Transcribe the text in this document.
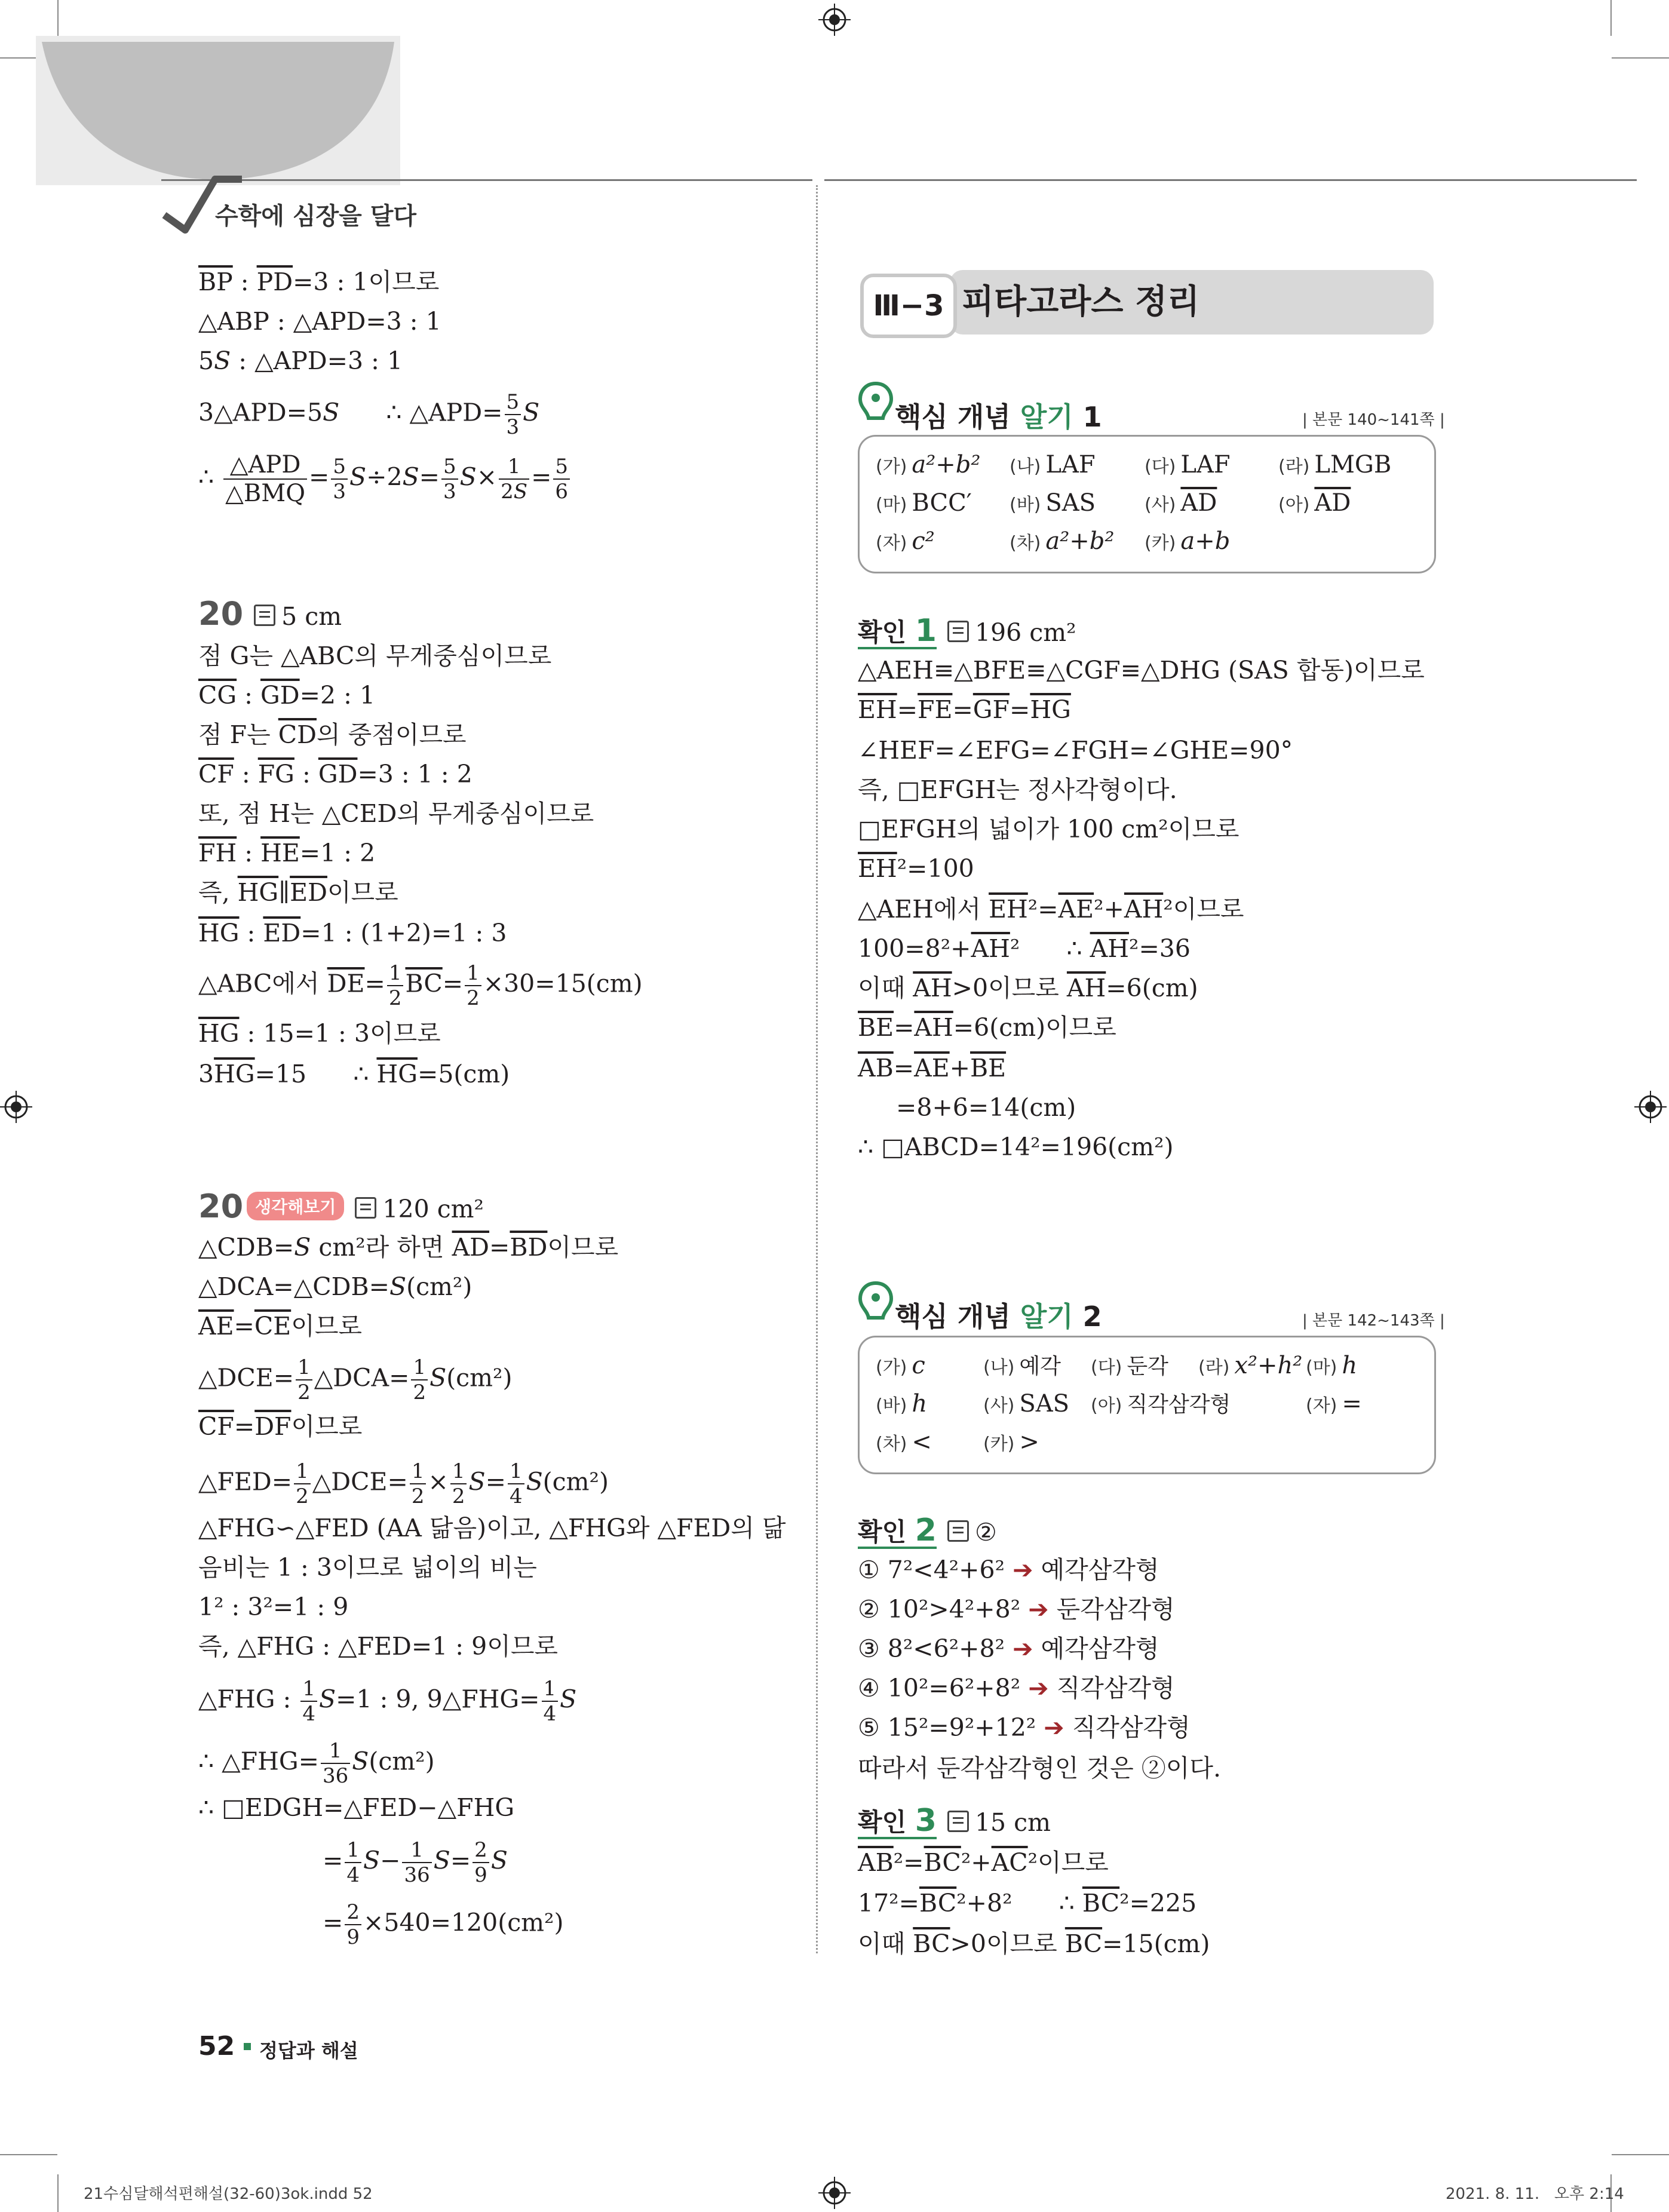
수학에 심장을 달다
$\overline{BP}$ : $\overline{PD}=3$ : 1이므로
△ABP : △APD=3 : 1
5S : △APD=3 : 1
3△APD=5S      ∴ △APD= $\frac{5}{3}$ S
∴ $\frac{\text{△APD}}{\text{△BMQ}} = \frac{5}{3} S\div 2S= \frac{5}{3} S\times \frac{1}{2S} = \frac{5}{6}$
20 5 cm
점 G는 △ABC의 무게중심이므로
$\overline{CG}$ : $\overline{GD}=2$ : 1
점 F는 $\overline{CD}$의 중점이므로
$\overline{CF}$ : $\overline{FG}$ : $\overline{GD}=3$ : 1 : 2
또, 점 H는 △CED의 무게중심이므로
$\overline{FH}$ : $\overline{HE}=1$ : 2
즉, $\overline{HG}\parallel\overline{ED}$이므로
$\overline{HG}$ : $\overline{ED}=1$ : (1+2)=1 : 3
△ABC에서 $\overline{DE}= \frac{1}{2} \overline{BC}= \frac{1}{2} \times 30=15(cm)$
$\overline{HG}$ : 15=1 : 3이므로
$3\overline{HG}=15$      ∴ $\overline{HG}=5(cm)$
20 생각해보기 120 cm²
△CDB=S cm²라 하면 $\overline{AD}=\overline{BD}$이므로
△DCA=△CDB=S(cm²)
$\overline{AE}=\overline{CE}$이므로
△DCE= $\frac{1}{2}$ △DCA= $\frac{1}{2} S(cm^2)$
$\overline{CF}=\overline{DF}$이므로
△FED= $\frac{1}{2}$ △DCE= $\frac{1}{2} \times \frac{1}{2} S= \frac{1}{4} S(cm^2)$
△FHG∽△FED (AA 닮음)이고, △FHG와 △FED의 닮
음비는 1 : 3이므로 넓이의 비는
1² : 3²=1 : 9
즉, △FHG : △FED=1 : 9이므로
△FHG : $\frac{1}{4} S=1$ : 9, 9△FHG= $\frac{1}{4}$ S
∴ △FHG= $\frac{1}{36} S(cm^2)$
∴ □EDGH=△FED−△FHG
= $\frac{1}{4} S- \frac{1}{36} S= \frac{2}{9}$ S
= $\frac{2}{9} \times 540=120(cm^2)$
Ⅲ−3 피타고라스 정리
핵심 개념 알기 1	| 본문 140~141쪽 |
(가) a²+b² (나) LAF	(다) LAF	(라) LMGB
(마) BCC′ (바) SAS	(사) $\overline{AD}$	(아) $\overline{AD}$
(자) c²	(차) a²+b² (카) a+b
확인 1 196 cm²
△AEH≡△BFE≡△CGF≡△DHG (SAS 합동)이므로
$\overline{EH}=\overline{FE}=\overline{GF}=\overline{HG}$
∠HEF=∠EFG=∠FGH=∠GHE=90°
즉, □EFGH는 정사각형이다.
□EFGH의 넓이가 100 cm²이므로
$\overline{EH}^2=100$
△AEH에서 $\overline{EH}^2=\overline{AE}^2+\overline{AH}^2$이므로
$100=8^2+\overline{AH}^2$      ∴ $\overline{AH}^2=36$
이때 $\overline{AH}>0$이므로 $\overline{AH}=6(cm)$
$\overline{BE}=\overline{AH}=6(cm)$이므로
$\overline{AB}=\overline{AE}+\overline{BE}$
=8+6=14(cm)
∴ □ABCD=14²=196(cm²)
핵심 개념 알기 2	| 본문 142~143쪽 |
(가) c	(나) 예각 (다) 둔각 (라) x²+h² (마) h
(바) h	(사) SAS (아) 직각삼각형	(자) =
(차) <	(카) >
확인 2 ②
① 7²<4²+6² ➔ 예각삼각형
② 10²>4²+8² ➔ 둔각삼각형
③ 8²<6²+8² ➔ 예각삼각형
④ 10²=6²+8² ➔ 직각삼각형
⑤ 15²=9²+12² ➔ 직각삼각형
따라서 둔각삼각형인 것은 ②이다.
확인 3 15 cm
$\overline{AB}^2=\overline{BC}^2+\overline{AC}^2$이므로
$17^2=\overline{BC}^2+8^2$      ∴ $\overline{BC}^2=225$
이때 $\overline{BC}>0$이므로 $\overline{BC}=15(cm)$
52 정답과 해설
21수심달해석편해설(32-60)3ok.indd 52	2021. 8. 11.   오후 2:14
